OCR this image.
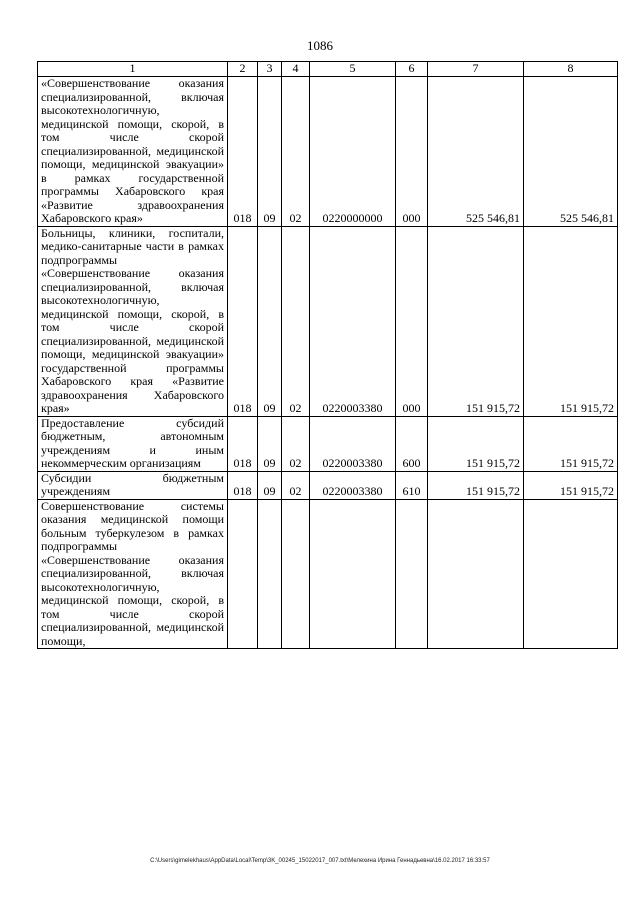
1086
1	2	3	4	5	6	7	8
«Совершенствование оказания специализированной, включая высокотехнологичную, медицинской помощи, скорой, в том числе скорой специализированной, медицинской помощи, медицинской эвакуации» в рамках государственной программы Хабаровского края «Развитие здравоохранения Хабаровского края»	018	09	02	0220000000	000	525 546,81	525 546,81
Больницы, клиники, госпитали, медико-санитарные части в рамках подпрограммы «Совершенствование оказания специализированной, включая высокотехнологичную, медицинской помощи, скорой, в том числе скорой специализированной, медицинской помощи, медицинской эвакуации» государственной программы Хабаровского края «Развитие здравоохранения Хабаровского края»	018	09	02	0220003380	000	151 915,72	151 915,72
Предоставление субсидий бюджетным, автономным учреждениям и иным некоммерческим организациям	018	09	02	0220003380	600	151 915,72	151 915,72
Субсидии бюджетным учреждениям	018	09	02	0220003380	610	151 915,72	151 915,72
Совершенствование системы оказания медицинской помощи больным туберкулезом в рамках подпрограммы «Совершенствование оказания специализированной, включая высокотехнологичную, медицинской помощи, скорой, в том числе скорой специализированной, медицинской помощи,							
C:\Users\gimelekhaus\AppData\Local\Temp\3K_00245_15022017_007.txt\Мелехина Ирина Геннадьевна\16.02.2017 16:33:57
